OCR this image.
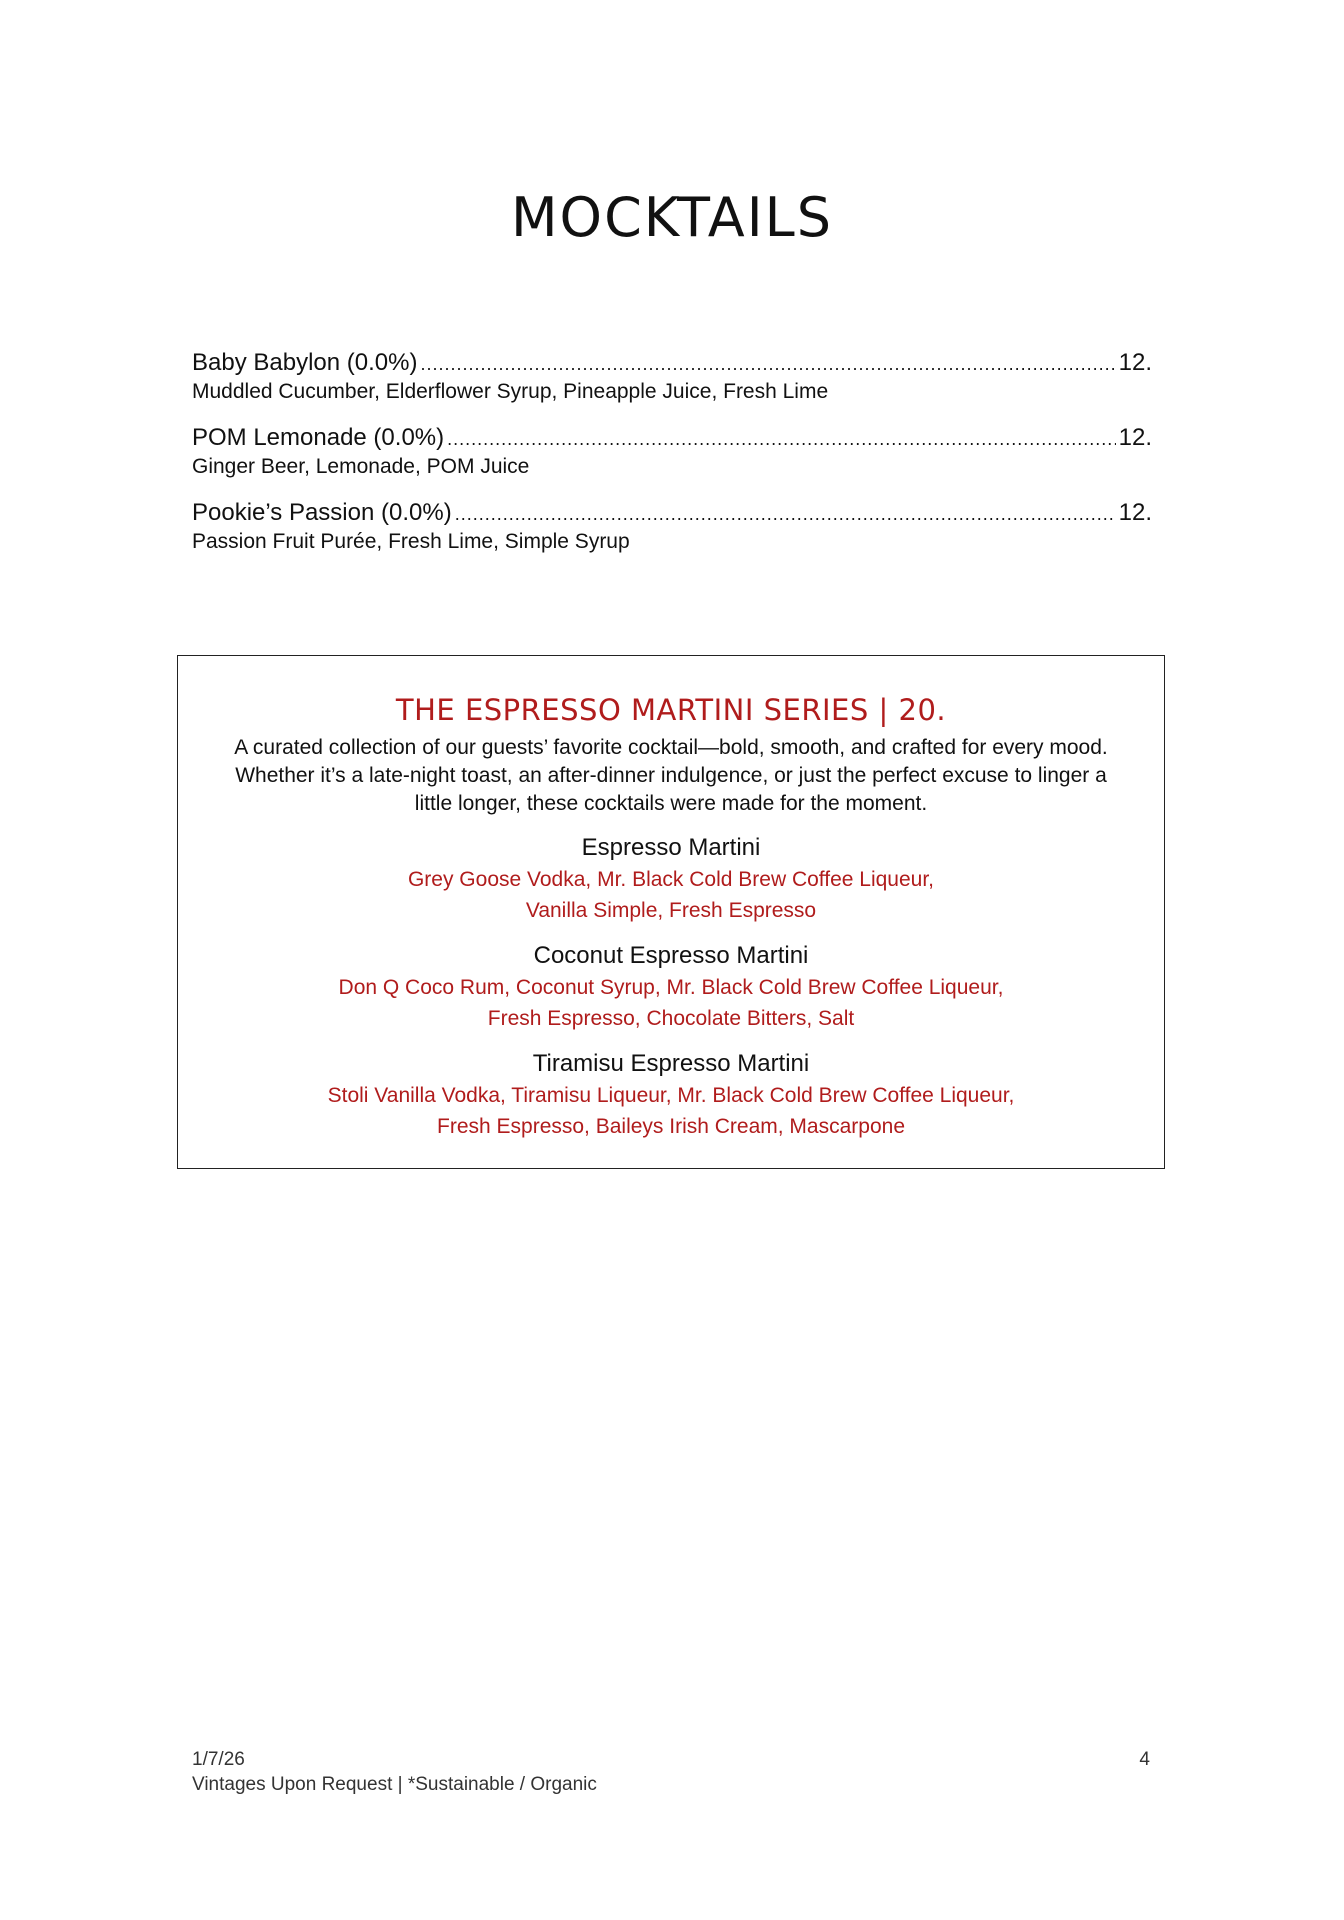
MOCKTAILS
Baby Babylon (0.0%) .....	12.
Muddled Cucumber, Elderflower Syrup, Pineapple Juice, Fresh Lime
POM Lemonade (0.0%) .....	12.
Ginger Beer, Lemonade, POM Juice
Pookie’s Passion (0.0%) .....	12.
Passion Fruit Purée, Fresh Lime, Simple Syrup
THE ESPRESSO MARTINI SERIES | 20.
A curated collection of our guests’ favorite cocktail—bold, smooth, and crafted for every mood.
Whether it’s a late-night toast, an after-dinner indulgence, or just the perfect excuse to linger a
little longer, these cocktails were made for the moment.
Espresso Martini
Grey Goose Vodka, Mr. Black Cold Brew Coffee Liqueur,
Vanilla Simple, Fresh Espresso
Coconut Espresso Martini
Don Q Coco Rum, Coconut Syrup, Mr. Black Cold Brew Coffee Liqueur,
Fresh Espresso, Chocolate Bitters, Salt
Tiramisu Espresso Martini
Stoli Vanilla Vodka, Tiramisu Liqueur, Mr. Black Cold Brew Coffee Liqueur,
Fresh Espresso, Baileys Irish Cream, Mascarpone
1/7/26
Vintages Upon Request | *Sustainable / Organic
4
